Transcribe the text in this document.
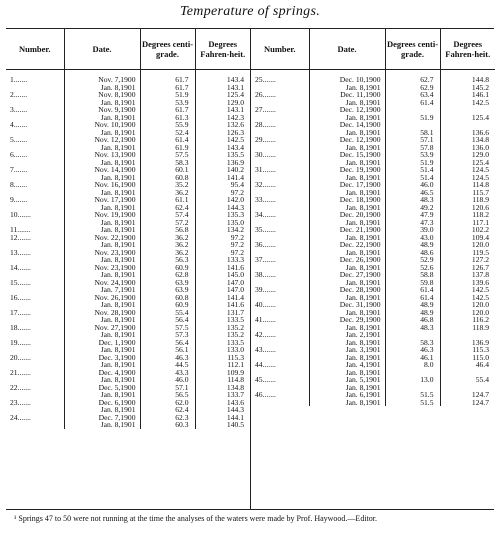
Temperature of springs.
Number.	Date.	Degrees centi-grade.	Degrees Fahren-heit.
1.......	Nov. 7,1900	61.7	143.4
	Jan. 8,1901	61.7	143.1
2.......	Nov. 8,1900	51.9	125.4
	Jan. 8,1901	53.9	129.0
3.......	Nov. 9,1900	61.7	143.1
	Jan. 8,1901	61.3	142.3
4.......	Nov. 10,1900	55.9	132.6
	Jan. 8,1901	52.4	126.3
5.......	Nov. 12,1900	61.4	142.5
	Jan. 8,1901	61.9	143.4
6.......	Nov. 13,1900	57.5	135.5
	Jan. 8,1901	58.3	136.9
7.......	Nov. 14,1900	60.1	140.2
	Jan. 8,1901	60.8	141.4
8.......	Nov. 16,1900	35.2	95.4
	Jan. 8,1901	36.2	97.2
9.......	Nov. 17,1900	61.1	142.0
	Jan. 8,1901	62.4	144.3
10.......	Nov. 19,1900	57.4	135.3
	Jan. 8,1901	57.2	135.0
11.......	Jan. 8,1901	56.8	134.2
12.......	Nov. 22,1900	36.2	97.2
	Jan. 8,1901	36.2	97.2
13.......	Nov. 23,1900	36.2	97.2
	Jan. 8,1901	56.3	133.3
14.......	Nov. 23,1900	60.9	141.6
	Jan. 8,1901	62.8	145.0
15.......	Nov. 24,1900	63.9	147.0
	Jan. 7,1901	63.9	147.0
16.......	Nov. 26,1900	60.8	141.4
	Jan. 8,1901	60.9	141.6
17.......	Nov. 28,1900	55.4	131.7
	Jan. 8,1901	56.4	133.5
18.......	Nov. 27,1900	57.5	135.2
	Jan. 8,1901	57.3	135.2
19.......	Dec. 1,1900	56.4	133.5
	Jan. 8,1901	56.1	133.0
20.......	Dec. 3,1900	46.3	115.3
	Jan. 8,1901	44.5	112.1
21.......	Dec. 4,1900	43.3	109.9
	Jan. 8,1901	46.0	114.8
22.......	Dec. 5,1900	57.1	134.8
	Jan. 8,1901	56.5	133.7
23.......	Dec. 6,1900	62.0	143.6
	Jan. 8,1901	62.4	144.3
24.......	Dec. 7,1900	62.3	144.1
	Jan. 8,1901	60.3	140.5
Number.	Date.	Degrees centi-grade.	Degrees Fahren-heit.
25.......	Dec. 10,1900	62.7	144.8
	Jan. 8,1901	62.9	145.2
26.......	Dec. 11,1900	63.4	146.1
	Jan. 8,1901	61.4	142.5
27.......	Dec. 12,1900		
	Jan. 8,1901	51.9	125.4
28.......	Dec. 14,1900		
	Jan. 8,1901	58.1	136.6
29.......	Dec. 12,1900	57.1	134.8
	Jan. 8,1901	57.8	136.0
30.......	Dec. 15,1900	53.9	129.0
	Jan. 8,1901	51.9	125.4
31.......	Dec. 19,1900	51.4	124.5
	Jan. 8,1901	51.4	124.5
32.......	Dec. 17,1900	46.0	114.8
	Jan. 8,1901	46.5	115.7
33.......	Dec. 18,1900	48.3	118.9
	Jan. 8,1901	49.2	120.6
34.......	Dec. 20,1900	47.9	118.2
	Jan. 8,1901	47.3	117.1
35.......	Dec. 21,1900	39.0	102.2
	Jan. 8,1901	43.0	109.4
36.......	Dec. 22,1900	48.9	120.0
	Jan. 8,1901	48.6	119.5
37.......	Dec. 26,1900	52.9	127.2
	Jan. 8,1901	52.6	126.7
38.......	Dec. 27,1900	58.8	137.8
	Jan. 8,1901	59.8	139.6
39.......	Dec. 28,1900	61.4	142.5
	Jan. 8,1901	61.4	142.5
40.......	Dec. 31,1900	48.9	120.0
	Jan. 8,1901	48.9	120.0
41.......	Dec. 29,1900	46.8	116.2
	Jan. 8,1901	48.3	118.9
42.......	Jan. 2,1901		
	Jan. 8,1901	58.3	136.9
43.......	Jan. 3,1901	46.3	115.3
	Jan. 8,1901	46.1	115.0
44.......	Jan. 4,1901	8.0	46.4
	Jan. 8,1901		
45.......	Jan. 5,1901	13.0	55.4
	Jan. 8,1901		
46.......	Jan. 6,1901	51.5	124.7
	Jan. 8,1901	51.5	124.7
¹ Springs 47 to 50 were not running at the time the analyses of the waters were made by Prof. Haywood.—Editor.
